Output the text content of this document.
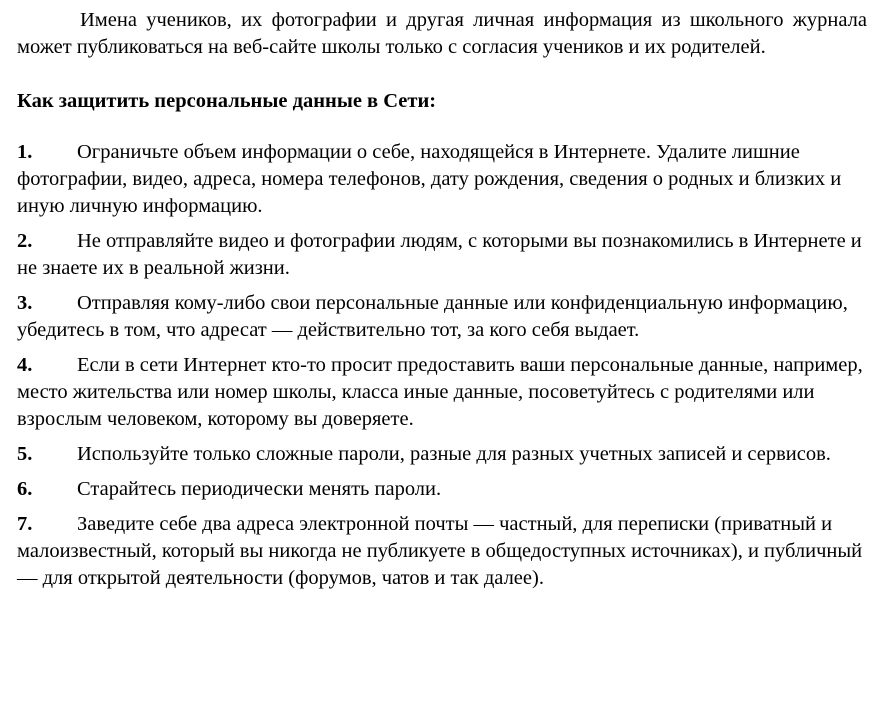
Имена учеников, их фотографии и другая личная информация из школьного журнала может публиковаться на веб-сайте школы только с согласия учеников и их родителей.

Как защитить персональные данные в Сети:

1. Ограничьте объем информации о себе, находящейся в Интернете. Удалите лишние фотографии, видео, адреса, номера телефонов, дату рождения, сведения о родных и близких и иную личную информацию.
2. Не отправляйте видео и фотографии людям, с которыми вы познакомились в Интернете и не знаете их в реальной жизни.
3. Отправляя кому-либо свои персональные данные или конфиденциальную информацию, убедитесь в том, что адресат — действительно тот, за кого себя выдает.
4. Если в сети Интернет кто-то просит предоставить ваши персональные данные, например, место жительства или номер школы, класса иные данные, посоветуйтесь с родителями или взрослым человеком, которому вы доверяете.
5. Используйте только сложные пароли, разные для разных учетных записей и сервисов.
6. Старайтесь периодически менять пароли.
7. Заведите себе два адреса электронной почты — частный, для переписки (приватный и малоизвестный, который вы никогда не публикуете в общедоступных источниках), и публичный — для открытой деятельности (форумов, чатов и так далее).
